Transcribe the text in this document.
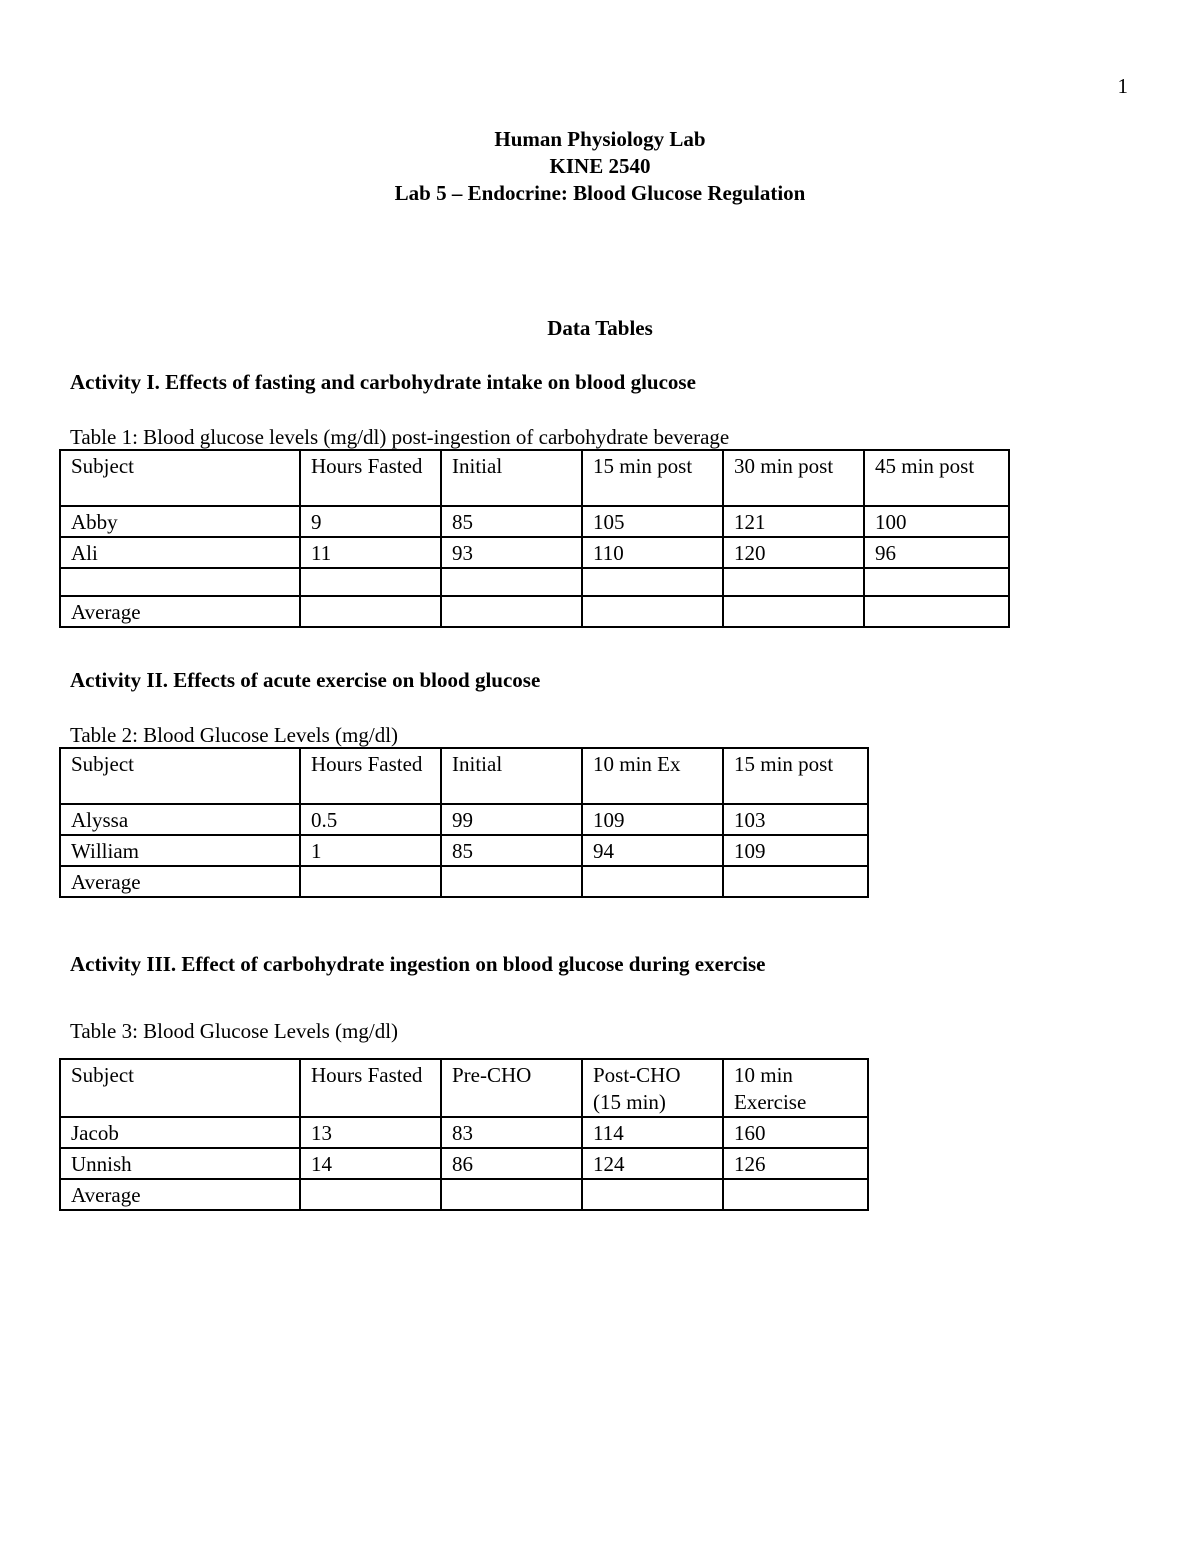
1
Human Physiology Lab
KINE 2540
Lab 5 – Endocrine: Blood Glucose Regulation
Data Tables
Activity I. Effects of fasting and carbohydrate intake on blood glucose
Table 1: Blood glucose levels (mg/dl) post-ingestion of carbohydrate beverage
Subject	Hours Fasted	Initial	15 min post	30 min post	45 min post
Abby	9	85	105	121	100
Ali	11	93	110	120	96

Average					
Activity II. Effects of acute exercise on blood glucose
Table 2: Blood Glucose Levels (mg/dl)
Subject	Hours Fasted	Initial	10 min Ex	15 min post
Alyssa	0.5	99	109	103
William	1	85	94	109
Average				
Activity III. Effect of carbohydrate ingestion on blood glucose during exercise
Table 3: Blood Glucose Levels (mg/dl)
Subject	Hours Fasted	Pre-CHO	Post-CHO (15 min)	10 min Exercise
Jacob	13	83	114	160
Unnish	14	86	124	126
Average				
